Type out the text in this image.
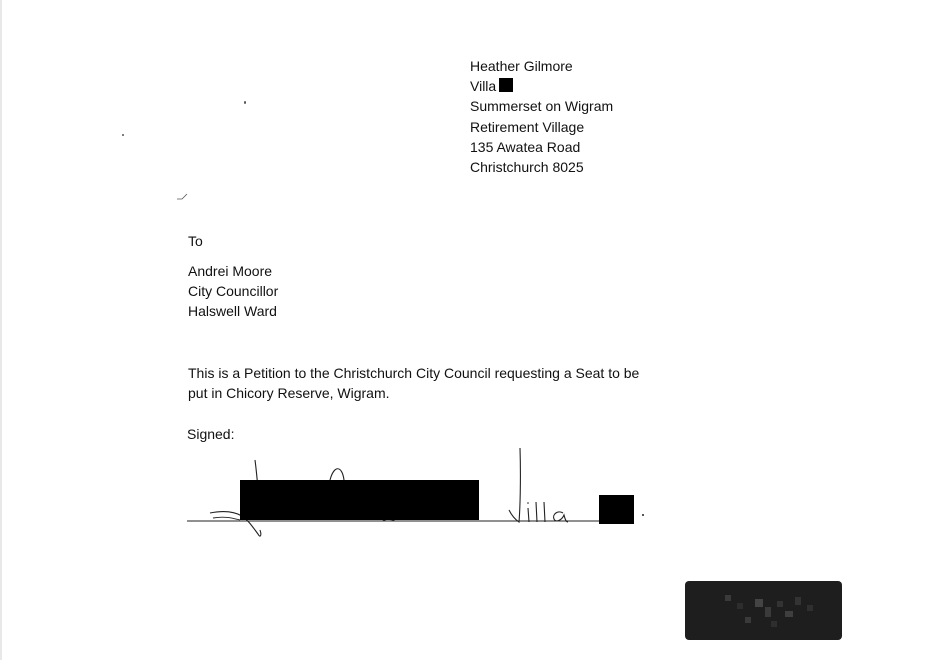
Heather Gilmore
Villa
Summerset on Wigram
Retirement Village
135 Awatea Road
Christchurch 8025
To
Andrei Moore
City Councillor
Halswell Ward
This is a Petition to the Christchurch City Council requesting a Seat to be put in Chicory Reserve, Wigram.
Signed:
